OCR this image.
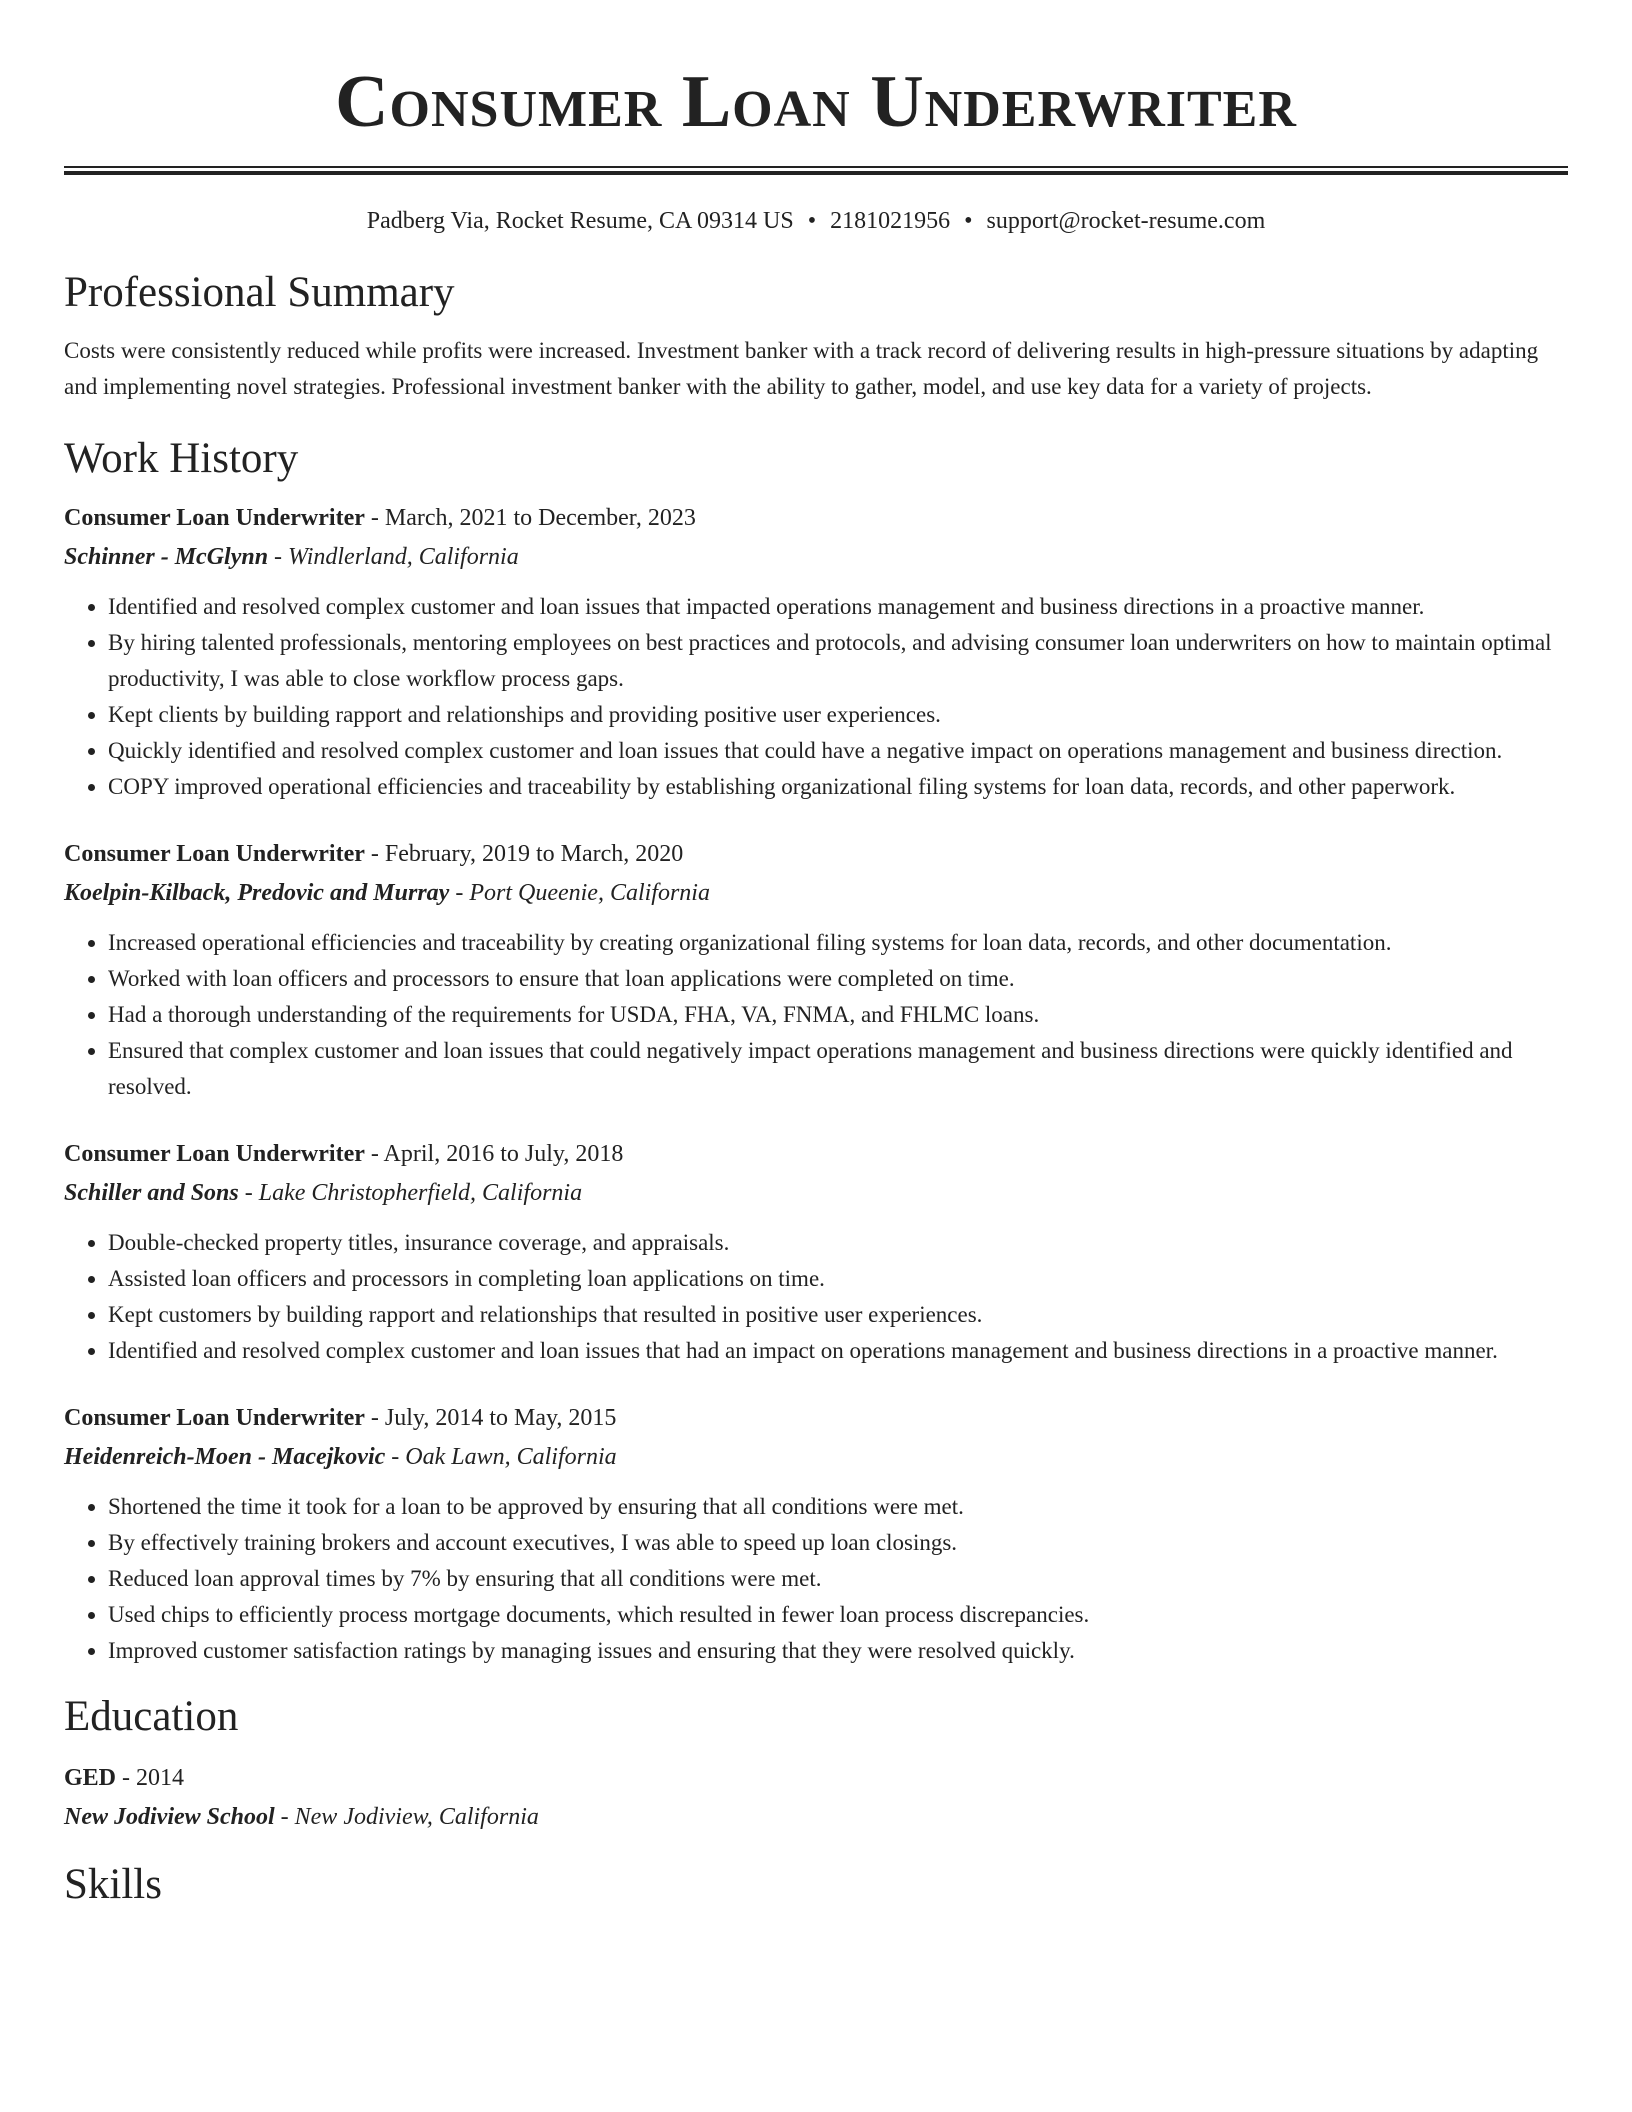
Consumer Loan Underwriter
Padberg Via, Rocket Resume, CA 09314 US • 2181021956 • support@rocket-resume.com
Professional Summary
Costs were consistently reduced while profits were increased. Investment banker with a track record of delivering results in high-pressure situations by adapting and implementing novel strategies. Professional investment banker with the ability to gather, model, and use key data for a variety of projects.
Work History
Consumer Loan Underwriter - March, 2021 to December, 2023
Schinner - McGlynn - Windlerland, California
• Identified and resolved complex customer and loan issues that impacted operations management and business directions in a proactive manner.
• By hiring talented professionals, mentoring employees on best practices and protocols, and advising consumer loan underwriters on how to maintain optimal productivity, I was able to close workflow process gaps.
• Kept clients by building rapport and relationships and providing positive user experiences.
• Quickly identified and resolved complex customer and loan issues that could have a negative impact on operations management and business direction.
• COPY improved operational efficiencies and traceability by establishing organizational filing systems for loan data, records, and other paperwork.
Consumer Loan Underwriter - February, 2019 to March, 2020
Koelpin-Kilback, Predovic and Murray - Port Queenie, California
• Increased operational efficiencies and traceability by creating organizational filing systems for loan data, records, and other documentation.
• Worked with loan officers and processors to ensure that loan applications were completed on time.
• Had a thorough understanding of the requirements for USDA, FHA, VA, FNMA, and FHLMC loans.
• Ensured that complex customer and loan issues that could negatively impact operations management and business directions were quickly identified and resolved.
Consumer Loan Underwriter - April, 2016 to July, 2018
Schiller and Sons - Lake Christopherfield, California
• Double-checked property titles, insurance coverage, and appraisals.
• Assisted loan officers and processors in completing loan applications on time.
• Kept customers by building rapport and relationships that resulted in positive user experiences.
• Identified and resolved complex customer and loan issues that had an impact on operations management and business directions in a proactive manner.
Consumer Loan Underwriter - July, 2014 to May, 2015
Heidenreich-Moen - Macejkovic - Oak Lawn, California
• Shortened the time it took for a loan to be approved by ensuring that all conditions were met.
• By effectively training brokers and account executives, I was able to speed up loan closings.
• Reduced loan approval times by 7% by ensuring that all conditions were met.
• Used chips to efficiently process mortgage documents, which resulted in fewer loan process discrepancies.
• Improved customer satisfaction ratings by managing issues and ensuring that they were resolved quickly.
Education
GED - 2014
New Jodiview School - New Jodiview, California
Skills
